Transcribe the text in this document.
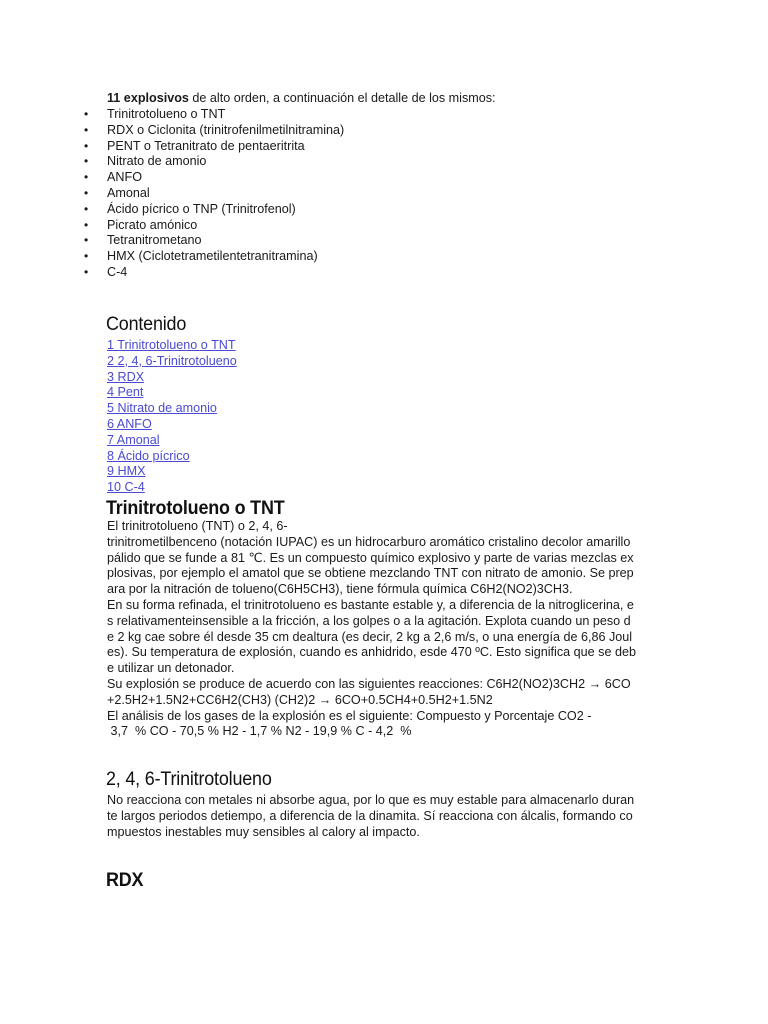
11 explosivos de alto orden, a continuación el detalle de los mismos:
• Trinitrotolueno o TNT
• RDX o Ciclonita (trinitrofenilmetilnitramina)
• PENT o Tetranitrato de pentaeritrita
• Nitrato de amonio
• ANFO
• Amonal
• Ácido pícrico o TNP (Trinitrofenol)
• Picrato amónico
• Tetranitrometano
• HMX (Ciclotetrametilentetranitramina)
• C-4
Contenido
1 Trinitrotolueno o TNT
2 2, 4, 6-Trinitrotolueno
3 RDX
4 Pent
5 Nitrato de amonio
6 ANFO
7 Amonal
8 Ácido pícrico
9 HMX
10 C-4
Trinitrotolueno o TNT

El trinitrotolueno (TNT) o 2, 4, 6-

trinitrometilbenceno (notación IUPAC) es un hidrocarburo aromático cristalino decolor amarillo

pálido que se funde a 81 ℃. Es un compuesto químico explosivo y parte de varias mezclas ex

plosivas, por ejemplo el amatol que se obtiene mezclando TNT con nitrato de amonio. Se prep

ara por la nitración de tolueno(C6H5CH3), tiene fórmula química C6H2(NO2)3CH3.

En su forma refinada, el trinitrotolueno es bastante estable y, a diferencia de la nitroglicerina, e

s relativamenteinsensible a la fricción, a los golpes o a la agitación. Explota cuando un peso d

e 2 kg cae sobre él desde 35 cm dealtura (es decir, 2 kg a 2,6 m/s, o una energía de 6,86 Joul

es). Su temperatura de explosión, cuando es anhidrido, esde 470 ºC. Esto significa que se deb

e utilizar un detonador.

Su explosión se produce de acuerdo con las siguientes reacciones: C6H2(NO2)3CH2 → 6CO

+2.5H2+1.5N2+CC6H2(CH3) (CH2)2 → 6CO+0.5CH4+0.5H2+1.5N2

El análisis de los gases de la explosión es el siguiente: Compuesto y Porcentaje CO2 -

3,7  % CO - 70,5 % H2 - 1,7 % N2 - 19,9 % C - 4,2  %

2, 4, 6-Trinitrotolueno

No reacciona con metales ni absorbe agua, por lo que es muy estable para almacenarlo duran

te largos periodos detiempo, a diferencia de la dinamita. Sí reacciona con álcalis, formando co

mpuestos inestables muy sensibles al calory al impacto.

RDX
